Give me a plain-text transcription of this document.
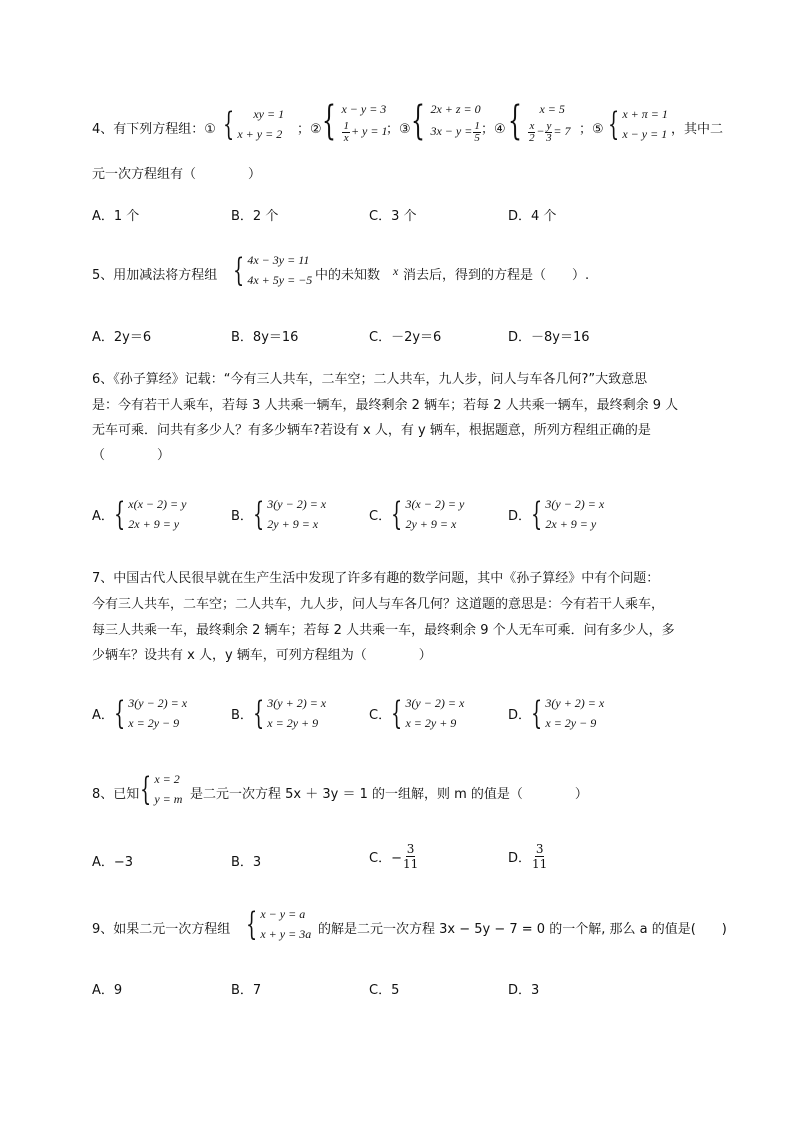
4、有下列方程组：① {	xy = 1
x + y = 2 ；② { x − y = 3
$\frac{1}{x} + y = 1$
；③ { 2x + z = 0
$3x - y = \frac{1}{5}$ ；④ {	x = 5
$\frac{x}{2} - \frac{y}{3} = 7$ ；⑤ { x + π = 1
x − y = 1 ，其中二
元一次方程组有（　　　　）
A．1 个	B．2 个	C．3 个	D．4 个
5、用加减法将方程组 { 4x − 3y = 11
4x + 5y = −5 中的未知数 x 消去后，得到的方程是（　　）.
A．2y＝6	B．8y＝16	C．－2y＝6	D．－8y＝16
6、《孙子算经》记载：“今有三人共车，二车空；二人共车，九人步，问人与车各几何?”大致意思
是：今有若干人乘车，若每 3 人共乘一辆车，最终剩余 2 辆车；若每 2 人共乘一辆车，最终剩余 9 人
无车可乘．问共有多少人？有多少辆车?若设有 x 人，有 y 辆车，根据题意，所列方程组正确的是
（　　　　）
A． { x(x − 2) = y
2x + 9 = y
B． { 3(y − 2) = x
2y + 9 = x
C． { 3(x − 2) = y
2y + 9 = x
D． { 3(y − 2) = x
2x + 9 = y
7、中国古代人民很早就在生产生活中发现了许多有趣的数学问题，其中《孙子算经》中有个问题：
今有三人共车，二车空；二人共车，九人步，问人与车各几何？这道题的意思是：今有若干人乘车，
每三人共乘一车，最终剩余 2 辆车；若每 2 人共乘一车，最终剩余 9 个人无车可乘．问有多少人，多
少辆车？设共有 x 人，y 辆车，可列方程组为（　　　　）
A． { 3(y − 2) = x
x = 2y − 9
B． { 3(y + 2) = x
x = 2y + 9
C． { 3(y − 2) = x
x = 2y + 9
D． { 3(y + 2) = x
x = 2y − 9
8、已知 { x = 2
y = m 是二元一次方程 5x ＋ 3y ＝ 1 的一组解，则 m 的值是（　　　　）
A．−3	B．3	C．− $\frac{3}{11}$	D． $\frac{3}{11}$
9、如果二元一次方程组 { x − y = a
x + y = 3a 的解是二元一次方程 3x − 5y − 7 = 0 的一个解, 那么 a 的值是(　　)
A．9	B．7	C．5	D．3
